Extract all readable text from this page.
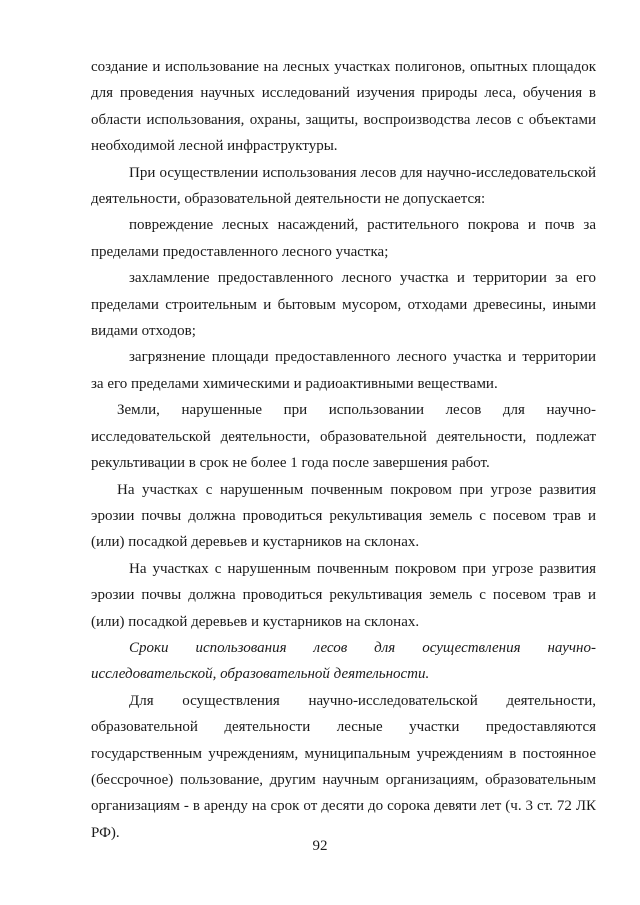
создание и использование на лесных участках полигонов, опытных площадок для проведения научных исследований изучения природы леса, обучения в области использования, охраны, защиты, воспроизводства лесов с объектами необходимой лесной инфраструктуры.

При осуществлении использования лесов для научно-исследовательской деятельности, образовательной деятельности не допускается:

повреждение лесных насаждений, растительного покрова и почв за пределами предоставленного лесного участка;

захламление предоставленного лесного участка и территории за его пределами строительным и бытовым мусором, отходами древесины, иными видами отходов;

загрязнение площади предоставленного лесного участка и территории за его пределами химическими и радиоактивными веществами.

Земли, нарушенные при использовании лесов для научно-исследовательской деятельности, образовательной деятельности, подлежат рекультивации в срок не более 1 года после завершения работ.

На участках с нарушенным почвенным покровом при угрозе развития эрозии почвы должна проводиться рекультивация земель с посевом трав и (или) посадкой деревьев и кустарников на склонах.

На участках с нарушенным почвенным покровом при угрозе развития эрозии почвы должна проводиться рекультивация земель с посевом трав и (или) посадкой деревьев и кустарников на склонах.

Сроки использования лесов для осуществления научно-исследовательской, образовательной деятельности.

Для осуществления научно-исследовательской деятельности, образовательной деятельности лесные участки предоставляются государственным учреждениям, муниципальным учреждениям в постоянное (бессрочное) пользование, другим научным организациям, образовательным организациям - в аренду на срок от десяти до сорока девяти лет (ч. 3 ст. 72 ЛК РФ).

92
